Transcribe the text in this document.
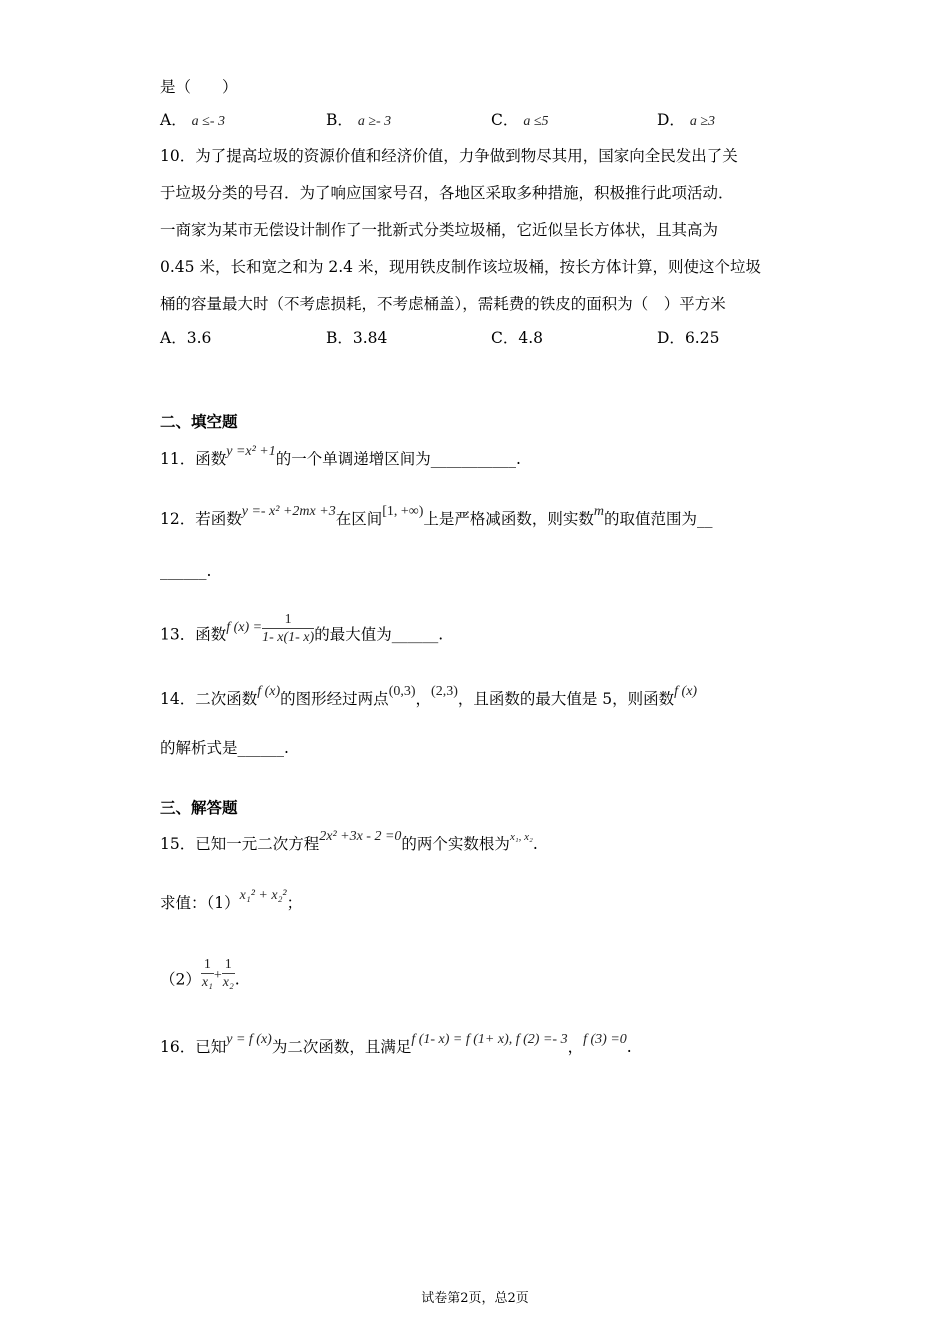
是（　　）
A． a ≤- 3	B． a ≥- 3	C． a ≤5	D． a ≥3
10．为了提高垃圾的资源价值和经济价值，力争做到物尽其用，国家向全民发出了关
于垃圾分类的号召．为了响应国家号召，各地区采取多种措施，积极推行此项活动．
一商家为某市无偿设计制作了一批新式分类垃圾桶，它近似呈长方体状，且其高为
0.45 米，长和宽之和为 2.4 米，现用铁皮制作该垃圾桶，按长方体计算，则使这个垃圾
桶的容量最大时（不考虑损耗，不考虑桶盖），需耗费的铁皮的面积为（　）平方米
A．3.6	B．3.84	C．4.8	D．6.25
二、填空题
11．函数y =x² +1的一个单调递增区间为___________.
12．若函数y =- x² +2mx +3在区间[1, +∞)上是严格减函数，则实数m的取值范围为__
______.
13．函数f $(x) = \frac{1}{1- x(1- x)}$ 的最大值为______.
14．二次函数f (x)的图形经过两点(0,3)，(2,3)，且函数的最大值是 5，则函数f (x)
的解析式是______.
三、解答题
15．已知一元二次方程2x² +3x - 2 =0的两个实数根为$^{x_1, x_2}$.
求值：（1）x₁² + x₂²；
$(2) \frac{1}{\text{x₁}} + \frac{1}{\text{x₂}}$ .
16．已知y = f (x)为二次函数，且满足f (1- x) = f (1+ x), f (2) =- 3，f (3) =0.
试卷第2页，总2页
